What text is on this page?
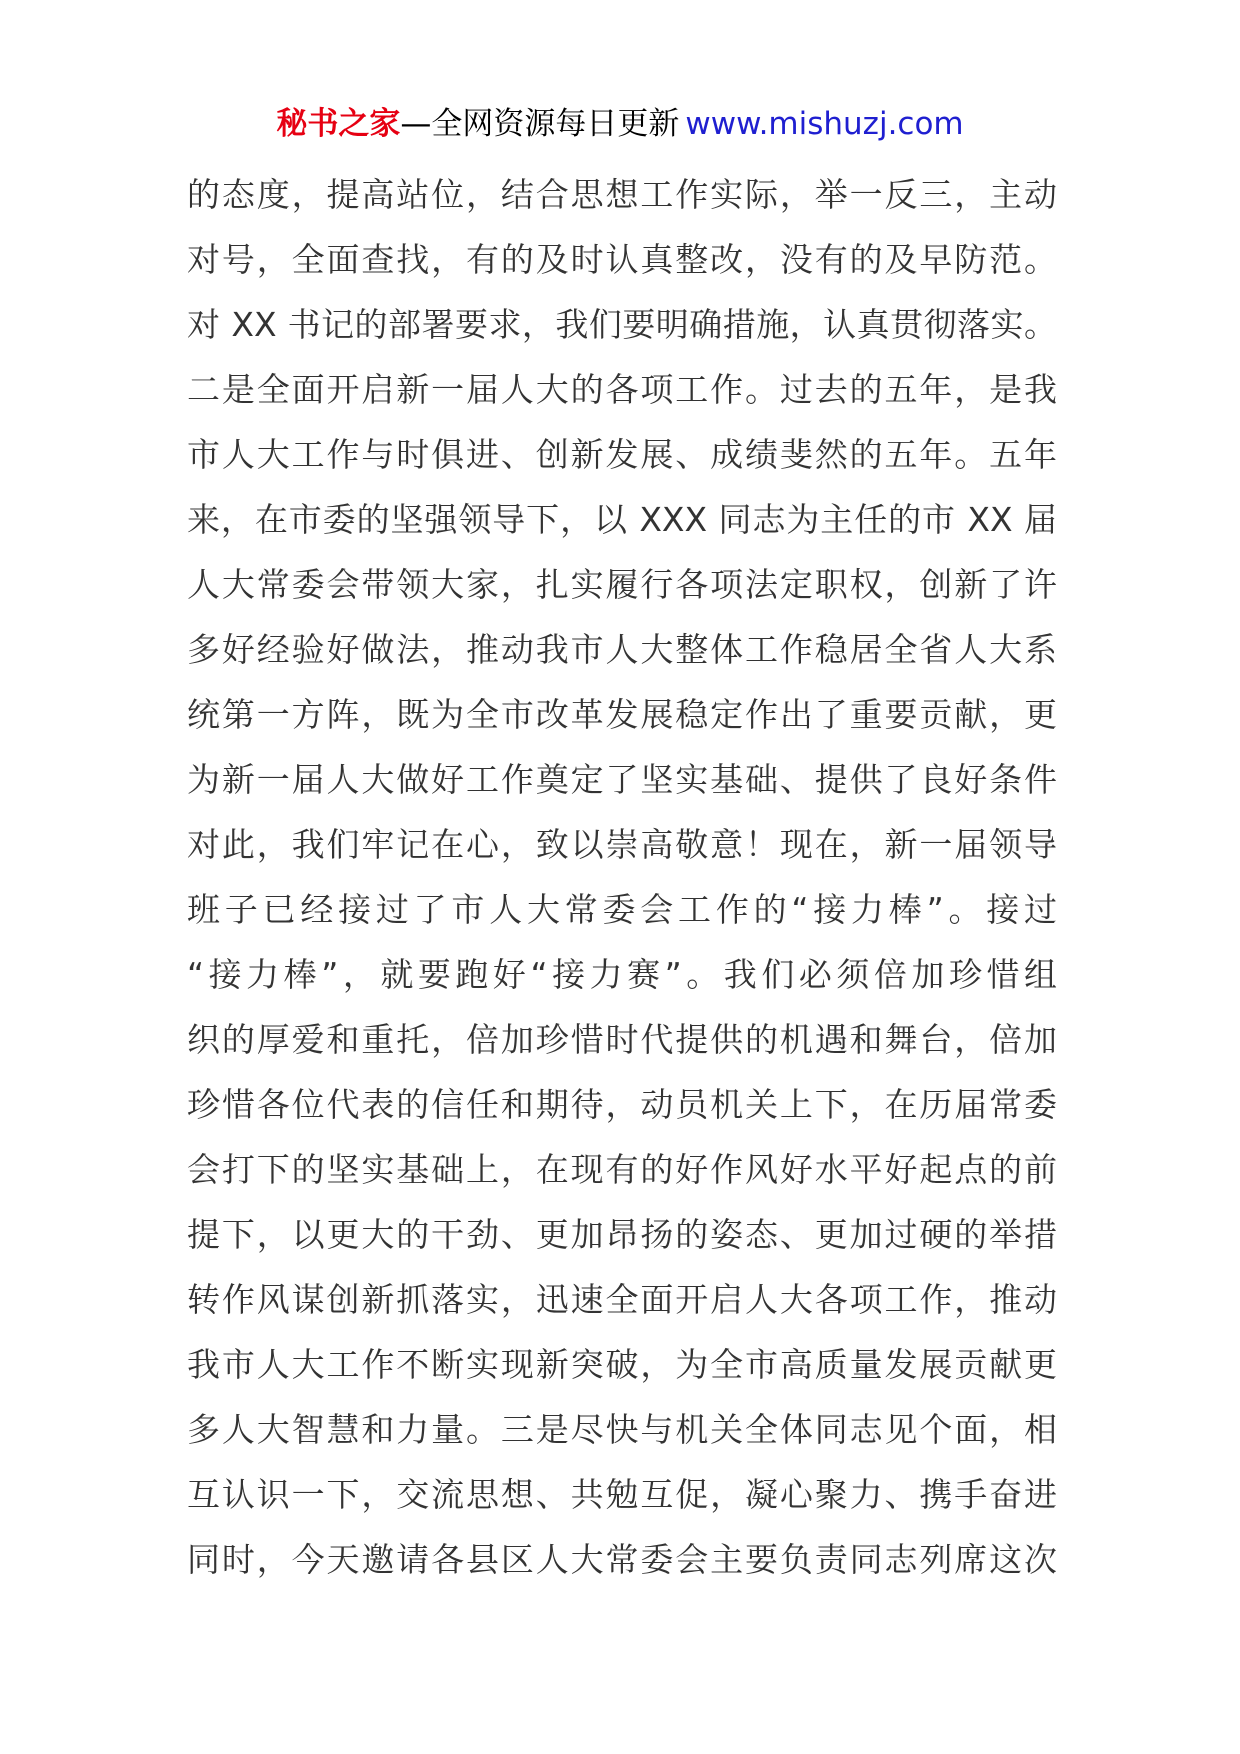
秘书之家—全网资源每日更新 www.mishuzj.com
的态度，提高站位，结合思想工作实际，举一反三，主动
对号，全面查找，有的及时认真整改，没有的及早防范。
对 XX 书记的部署要求，我们要明确措施，认真贯彻落实。
二是全面开启新一届人大的各项工作。过去的五年，是我
市人大工作与时俱进、创新发展、成绩斐然的五年。五年
来，在市委的坚强领导下，以 XXX 同志为主任的市 XX 届
人大常委会带领大家，扎实履行各项法定职权，创新了许
多好经验好做法，推动我市人大整体工作稳居全省人大系
统第一方阵，既为全市改革发展稳定作出了重要贡献，更
为新一届人大做好工作奠定了坚实基础、提供了良好条件
对此，我们牢记在心，致以崇高敬意！现在，新一届领导
班子已经接过了市人大常委会工作的“接力棒”。接过
“接力棒”，就要跑好“接力赛”。我们必须倍加珍惜组
织的厚爱和重托，倍加珍惜时代提供的机遇和舞台，倍加
珍惜各位代表的信任和期待，动员机关上下，在历届常委
会打下的坚实基础上，在现有的好作风好水平好起点的前
提下，以更大的干劲、更加昂扬的姿态、更加过硬的举措
转作风谋创新抓落实，迅速全面开启人大各项工作，推动
我市人大工作不断实现新突破，为全市高质量发展贡献更
多人大智慧和力量。三是尽快与机关全体同志见个面，相
互认识一下，交流思想、共勉互促，凝心聚力、携手奋进
同时，今天邀请各县区人大常委会主要负责同志列席这次
